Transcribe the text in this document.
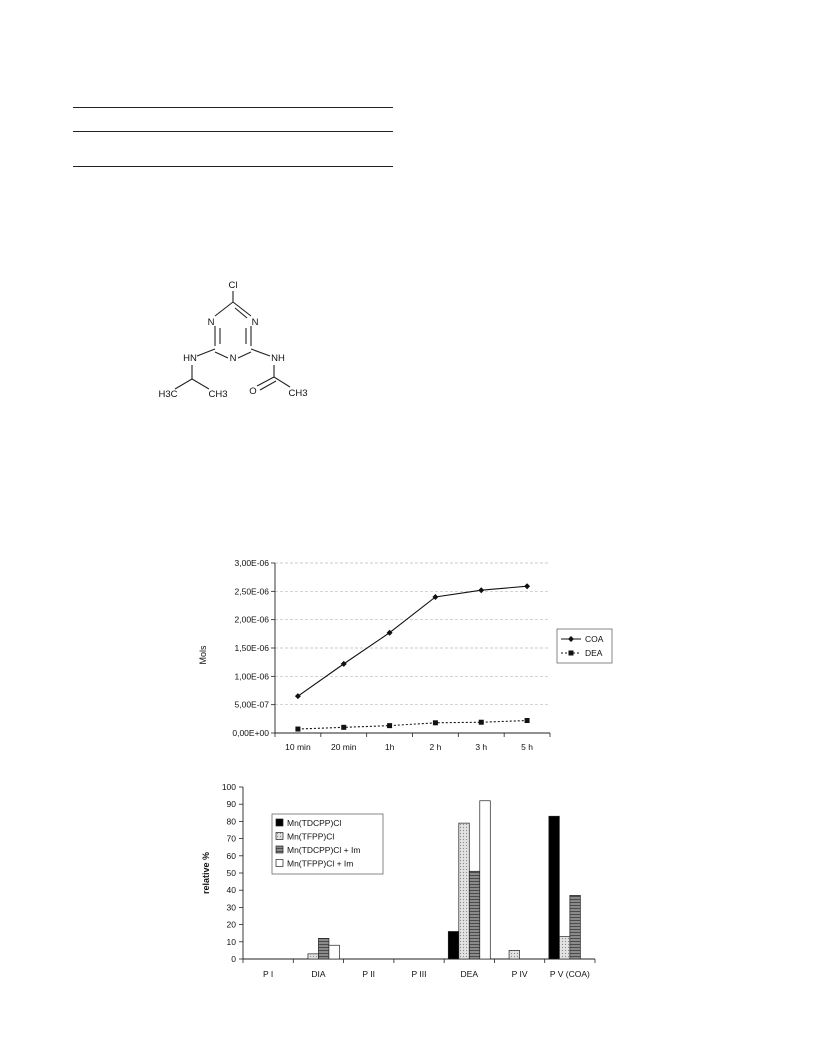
Cl
N	N
N
HN	NH
H3C	CH3 O	CH3
0,00E+00
5,00E-07
1,00E-06
1,50E-06
2,00E-06
2,50E-06
3,00E-06
10 min 20 min	1h	2 h	3 h	5 h
Mols
COA
DEA
0
10
20
30
40
50
60
70
80
90
100
P I	DIA	P II	P III	DEA	P IV	P V (COA)
relative %
Mn(TDCPP)Cl
Mn(TFPP)Cl
Mn(TDCPP)Cl + Im
Mn(TFPP)Cl + Im
